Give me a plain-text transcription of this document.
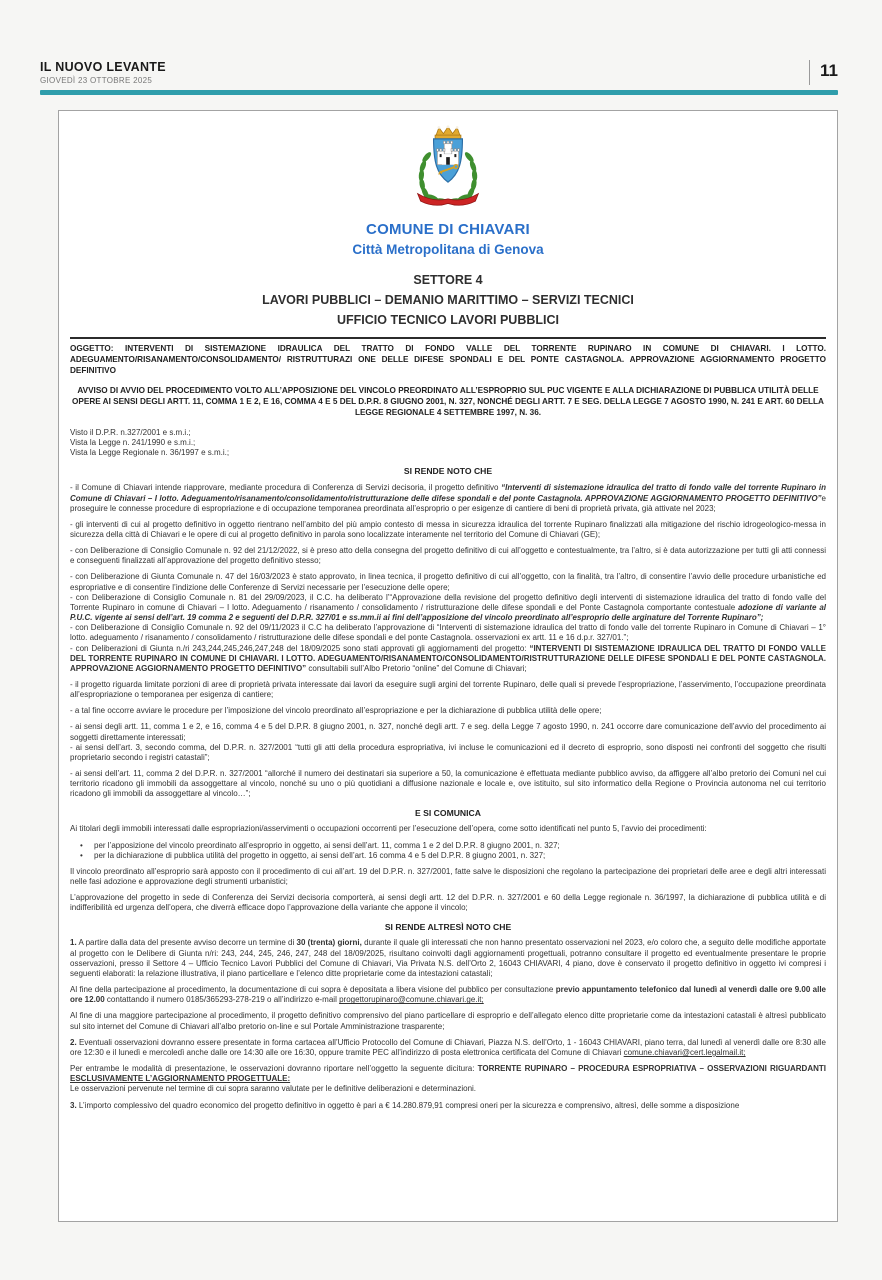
IL NUOVO LEVANTE
GIOVEDÌ 23 OTTOBRE 2025
11
COMUNE DI CHIAVARI
Città Metropolitana di Genova
SETTORE 4
LAVORI PUBBLICI – DEMANIO MARITTIMO – SERVIZI TECNICI
UFFICIO TECNICO LAVORI PUBBLICI
OGGETTO: INTERVENTI DI SISTEMAZIONE IDRAULICA DEL TRATTO DI FONDO VALLE DEL TORRENTE RUPINARO IN COMUNE DI CHIAVARI. I LOTTO. ADEGUAMENTO/RISANAMENTO/CONSOLIDAMENTO/ RISTRUTTURAZI ONE DELLE DIFESE SPONDALI E DEL PONTE CASTAGNOLA. APPROVAZIONE AGGIORNAMENTO PROGETTO DEFINITIVO
AVVISO DI AVVIO DEL PROCEDIMENTO VOLTO ALL’APPOSIZIONE DEL VINCOLO PREORDINATO ALL’ESPROPRIO SUL PUC VIGENTE E ALLA DICHIARAZIONE DI PUBBLICA UTILITÀ DELLE OPERE AI SENSI DEGLI ARTT. 11, COMMA 1 E 2, E 16, COMMA 4 E 5 DEL D.P.R. 8 GIUGNO 2001, N. 327, NONCHÉ DEGLI ARTT. 7 E SEG. DELLA LEGGE 7 AGOSTO 1990, N. 241 E ART. 60 DELLA LEGGE REGIONALE 4 SETTEMBRE 1997, N. 36.
Visto il D.P.R. n.327/2001 e s.m.i.;
Vista la Legge n. 241/1990 e s.m.i.;
Vista la Legge Regionale n. 36/1997 e s.m.i.;
SI RENDE NOTO CHE

- il Comune di Chiavari intende riapprovare, mediante procedura di Conferenza di Servizi decisoria, il progetto definitivo “Interventi di sistemazione idraulica del tratto di fondo valle del torrente Rupinaro in Comune di Chiavari – I lotto. Adeguamento/risanamento/consolidamento/ristrutturazione delle difese spondali e del ponte Castagnola. APPROVAZIONE AGGIORNAMENTO PROGETTO DEFINITIVO”e proseguire le connesse procedure di espropriazione e di occupazione temporanea preordinata all’esproprio o per esigenze di cantiere di beni di proprietà privata, già attivate nel 2023;

- gli interventi di cui al progetto definitivo in oggetto rientrano nell’ambito del più ampio contesto di messa in sicurezza idraulica del torrente Rupinaro finalizzati alla mitigazione del rischio idrogeologico-messa in sicurezza della città di Chiavari e le opere di cui al progetto definitivo in parola sono localizzate interamente nel territorio del Comune di Chiavari (GE);

- con Deliberazione di Consiglio Comunale n. 92 del 21/12/2022, si è preso atto della consegna del progetto definitivo di cui all’oggetto e contestualmente, tra l’altro, si è data autorizzazione per tutti gli atti connessi e conseguenti finalizzati all’approvazione del progetto definitivo stesso;

- con Deliberazione di Giunta Comunale n. 47 del 16/03/2023 è stato approvato, in linea tecnica, il progetto definitivo di cui all’oggetto, con la finalità, tra l’altro, di consentire l’avvio delle procedure urbanistiche ed espropriative e di consentire l’indizione delle Conferenze di Servizi necessarie per l’esecuzione delle opere;

- con Deliberazione di Consiglio Comunale n. 81 del 29/09/2023, il C.C. ha deliberato l’“Approvazione della revisione del progetto definitivo degli interventi di sistemazione idraulica del tratto di fondo valle del Torrente Rupinaro in comune di Chiavari – I lotto. Adeguamento / risanamento / consolidamento / ristrutturazione delle difese spondali e del Ponte Castagnola comportante contestuale adozione di variante al P.U.C. vigente ai sensi dell’art. 19 comma 2 e seguenti del D.P.R. 327/01 e ss.mm.ii ai fini dell’apposizione del vincolo preordinato all’esproprio delle arginature del Torrente Rupinaro”;

- con Deliberazione di Consiglio Comunale n. 92 del 09/11/2023 il C.C ha deliberato l’approvazione di “Interventi di sistemazione idraulica del tratto di fondo valle del torrente Rupinaro in Comune di Chiavari – 1° lotto. adeguamento / risanamento / consolidamento / ristrutturazione delle difese spondali e del ponte Castagnola. osservazioni ex artt. 11 e 16 d.p.r. 327/01.”;

- con Deliberazioni di Giunta n./ri 243,244,245,246,247,248 del 18/09/2025 sono stati approvati gli aggiornamenti del progetto: “INTERVENTI DI SISTEMAZIONE IDRAULICA DEL TRATTO DI FONDO VALLE DEL TORRENTE RUPINARO IN COMUNE DI CHIAVARI. I LOTTO. ADEGUAMENTO/RISANAMENTO/CONSOLIDAMENTO/RISTRUTTURAZIONE DELLE DIFESE SPONDALI E DEL PONTE CASTAGNOLA. APPROVAZIONE AGGIORNAMENTO PROGETTO DEFINITIVO” consultabili sull’Albo Pretorio “online” del Comune di Chiavari;

- il progetto riguarda limitate porzioni di aree di proprietà privata interessate dai lavori da eseguire sugli argini del torrente Rupinaro, delle quali si prevede l’espropriazione, l’asservimento, l’occupazione preordinata all’espropriazione o temporanea per esigenza di cantiere;

- a tal fine occorre avviare le procedure per l’imposizione del vincolo preordinato all’espropriazione e per la dichiarazione di pubblica utilità delle opere;

- ai sensi degli artt. 11, comma 1 e 2, e 16, comma 4 e 5 del D.P.R. 8 giugno 2001, n. 327, nonché degli artt. 7 e seg. della Legge 7 agosto 1990, n. 241 occorre dare comunicazione dell’avvio del procedimento ai soggetti direttamente interessati;

- ai sensi dell’art. 3, secondo comma, del D.P.R. n. 327/2001 “tutti gli atti della procedura espropriativa, ivi incluse le comunicazioni ed il decreto di esproprio, sono disposti nei confronti del soggetto che risulti proprietario secondo i registri catastali”;

- ai sensi dell’art. 11, comma 2 del D.P.R. n. 327/2001 “allorché il numero dei destinatari sia superiore a 50, la comunicazione è effettuata mediante pubblico avviso, da affiggere all’albo pretorio dei Comuni nel cui territorio ricadono gli immobili da assoggettare al vincolo, nonché su uno o più quotidiani a diffusione nazionale e locale e, ove istituito, sul sito informatico della Regione o Provincia autonoma nel cui territorio ricadono gli immobili da assoggettare al vincolo…”;

E SI COMUNICA

Ai titolari degli immobili interessati dalle espropriazioni/asservimenti o occupazioni occorrenti per l’esecuzione dell’opera, come sotto identificati nel punto 5, l’avvio dei procedimenti:

• per l’apposizione del vincolo preordinato all’esproprio in oggetto, ai sensi dell’art. 11, comma 1 e 2 del D.P.R. 8 giugno 2001, n. 327;
• per la dichiarazione di pubblica utilità del progetto in oggetto, ai sensi dell’art. 16 comma 4 e 5 del D.P.R. 8 giugno 2001, n. 327;

Il vincolo preordinato all’esproprio sarà apposto con il procedimento di cui all’art. 19 del D.P.R. n. 327/2001, fatte salve le disposizioni che regolano la partecipazione dei proprietari delle aree e degli altri interessati nelle fasi adozione e approvazione degli strumenti urbanistici;

L’approvazione del progetto in sede di Conferenza dei Servizi decisoria comporterà, ai sensi degli artt. 12 del D.P.R. n. 327/2001 e 60 della Legge regionale n. 36/1997, la dichiarazione di pubblica utilità e di indifferibilità ed urgenza dell’opera, che diverrà efficace dopo l’approvazione della variante che appone il vincolo;

SI RENDE ALTRESÌ NOTO CHE

1. A partire dalla data del presente avviso decorre un termine di 30 (trenta) giorni, durante il quale gli interessati che non hanno presentato osservazioni nel 2023, e/o coloro che, a seguito delle modifiche apportate al progetto con le Delibere di Giunta n/ri: 243, 244, 245, 246, 247, 248 del 18/09/2025, risultano coinvolti dagli aggiornamenti progettuali, potranno consultare il progetto ed eventualmente presentare le proprie osservazioni, presso il Settore 4 – Ufficio Tecnico Lavori Pubblici del Comune di Chiavari, Via Privata N.S. dell’Orto 2, 16043 CHIAVARI, 4 piano, dove è conservato il progetto definitivo in oggetto ivi compresi i seguenti elaborati: la relazione illustrativa, il piano particellare e l’elenco ditte proprietarie come da intestazioni catastali;

Al fine della partecipazione al procedimento, la documentazione di cui sopra è depositata a libera visione del pubblico per consultazione previo appuntamento telefonico dal lunedì al venerdì dalle ore 9.00 alle ore 12.00 contattando il numero 0185/365293-278-219 o all’indirizzo e-mail progettorupinaro@comune.chiavari.ge.it;

Al fine di una maggiore partecipazione al procedimento, il progetto definitivo comprensivo del piano particellare di esproprio e dell’allegato elenco ditte proprietarie come da intestazioni catastali è altresì pubblicato sul sito internet del Comune di Chiavari all’albo pretorio on-line e sul Portale Amministrazione trasparente;

2. Eventuali osservazioni dovranno essere presentate in forma cartacea all’Ufficio Protocollo del Comune di Chiavari, Piazza N.S. dell’Orto, 1 - 16043 CHIAVARI, piano terra, dal lunedì al venerdì dalle ore 8:30 alle ore 12:30 e il lunedì e mercoledì anche dalle ore 14:30 alle ore 16:30, oppure tramite PEC all’indirizzo di posta elettronica certificata del Comune di Chiavari comune.chiavari@cert.legalmail.it;

Per entrambe le modalità di presentazione, le osservazioni dovranno riportare nell’oggetto la seguente dicitura: TORRENTE RUPINARO – PROCEDURA ESPROPRIATIVA – OSSERVAZIONI RIGUARDANTI ESCLUSIVAMENTE L’AGGIORNAMENTO PROGETTUALE:

Le osservazioni pervenute nel termine di cui sopra saranno valutate per le definitive deliberazioni e determinazioni.

3. L’importo complessivo del quadro economico del progetto definitivo in oggetto è pari a € 14.280.879,91 compresi oneri per la sicurezza e comprensivo, altresì, delle somme a disposizione
